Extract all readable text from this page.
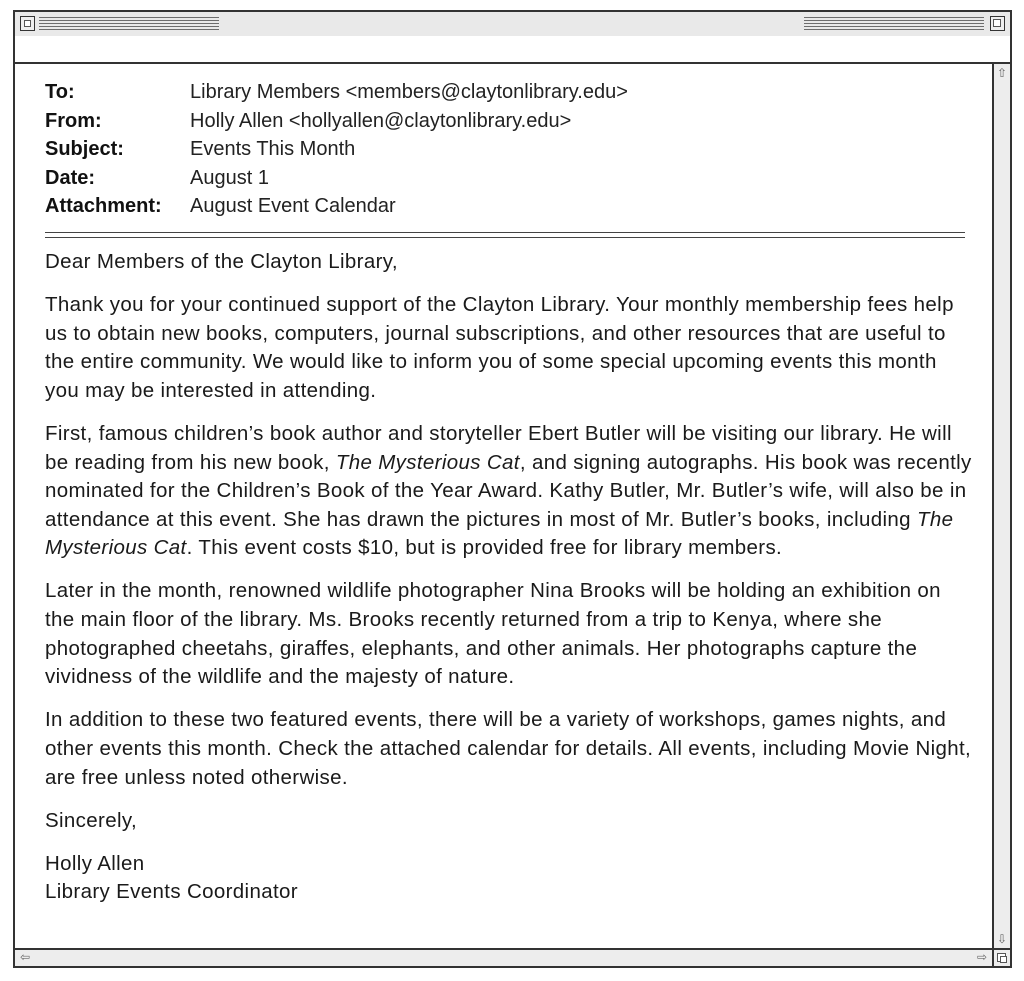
To:	Library Members <members@claytonlibrary.edu>
From:	Holly Allen <hollyallen@claytonlibrary.edu>
Subject:	Events This Month
Date:	August 1
Attachment:	August Event Calendar

Dear Members of the Clayton Library,

Thank you for your continued support of the Clayton Library. Your monthly membership fees help us to obtain new books, computers, journal subscriptions, and other resources that are useful to the entire community. We would like to inform you of some special upcoming events this month you may be interested in attending.

First, famous children’s book author and storyteller Ebert Butler will be visiting our library. He will be reading from his new book, The Mysterious Cat, and signing autographs. His book was recently nominated for the Children’s Book of the Year Award. Kathy Butler, Mr. Butler’s wife, will also be in attendance at this event. She has drawn the pictures in most of Mr. Butler’s books, including The Mysterious Cat. This event costs $10, but is provided free for library members.

Later in the month, renowned wildlife photographer Nina Brooks will be holding an exhibition on the main floor of the library. Ms. Brooks recently returned from a trip to Kenya, where she photographed cheetahs, giraffes, elephants, and other animals. Her photographs capture the vividness of the wildlife and the majesty of nature.

In addition to these two featured events, there will be a variety of workshops, games nights, and other events this month. Check the attached calendar for details. All events, including Movie Night, are free unless noted otherwise.

Sincerely,

Holly Allen

Library Events Coordinator

⇧
⇩
⇦	⇨
